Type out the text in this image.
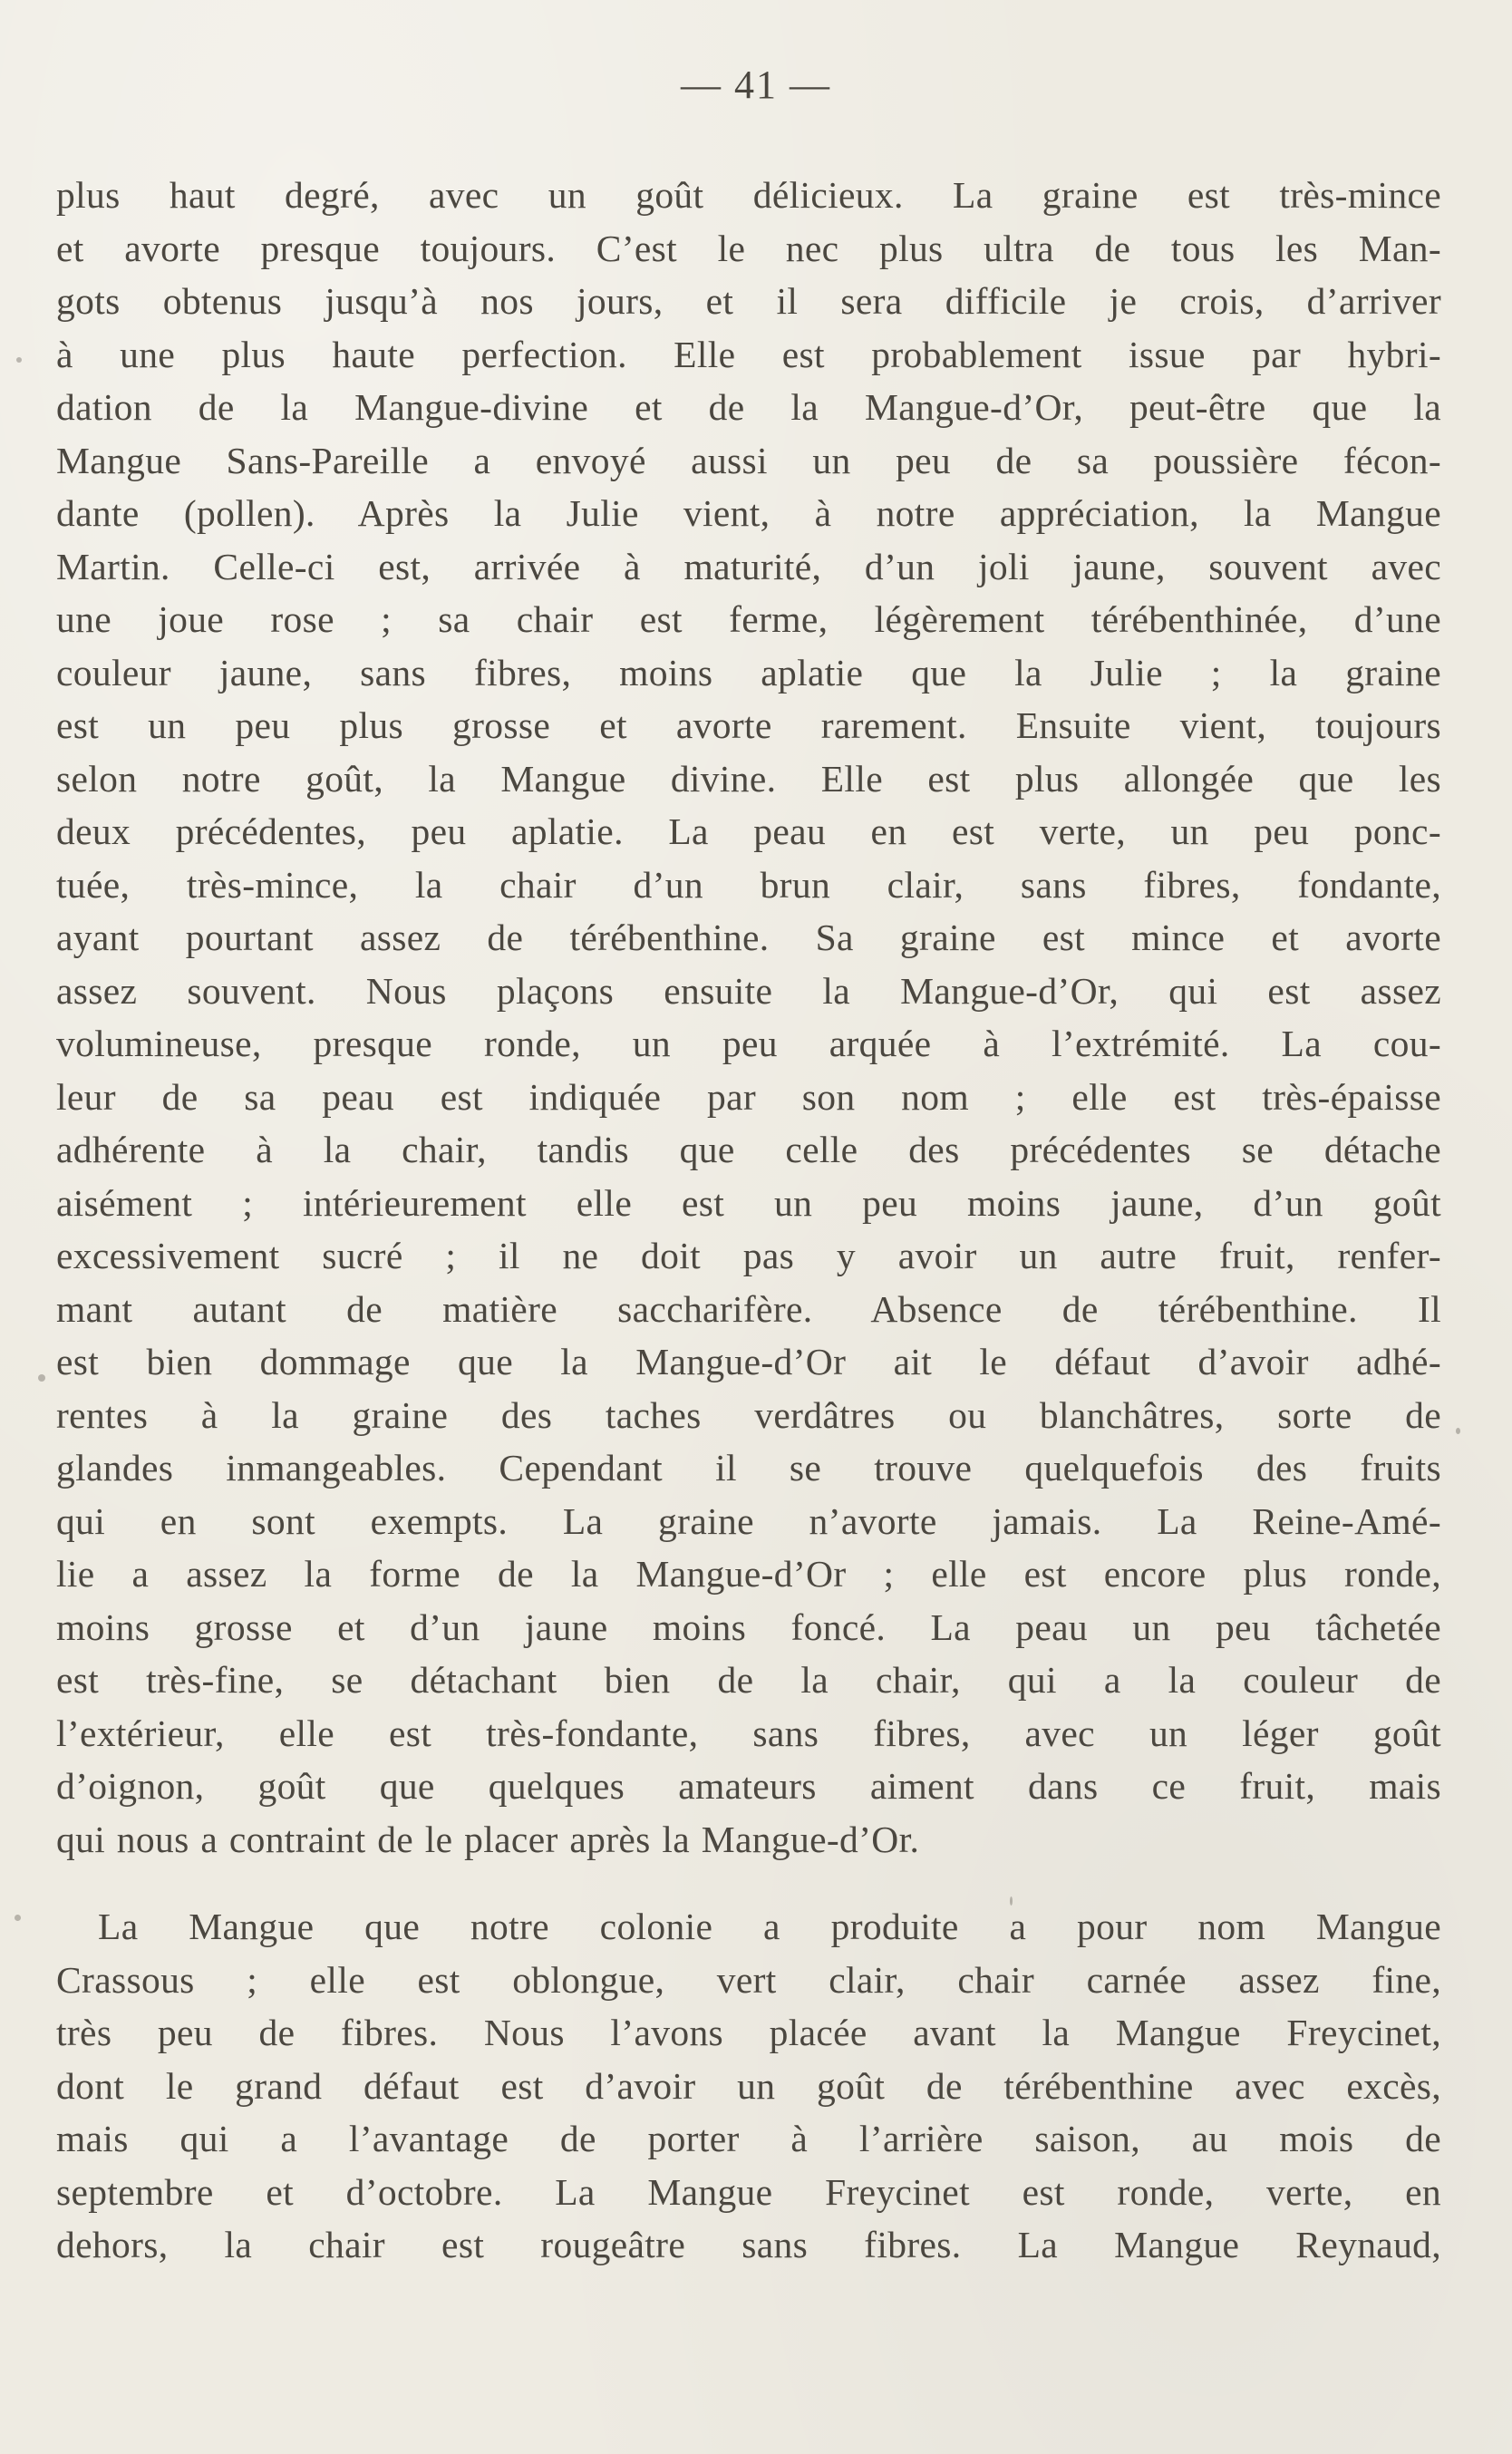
— 41 —
plus haut degré, avec un goût délicieux. La graine est très-mince
et avorte presque toujours. C’est le nec plus ultra de tous les Man-
gots obtenus jusqu’à nos jours, et il sera difficile je crois, d’arriver
à une plus haute perfection. Elle est probablement issue par hybri-
dation de la Mangue-divine et de la Mangue-d’Or, peut-être que la
Mangue Sans-Pareille a envoyé aussi un peu de sa poussière fécon-
dante (pollen). Après la Julie vient, à notre appréciation, la Mangue
Martin. Celle-ci est, arrivée à maturité, d’un joli jaune, souvent avec
une joue rose ; sa chair est ferme, légèrement térébenthinée, d’une
couleur jaune, sans fibres, moins aplatie que la Julie ; la graine
est un peu plus grosse et avorte rarement. Ensuite vient, toujours
selon notre goût, la Mangue divine. Elle est plus allongée que les
deux précédentes, peu aplatie. La peau en est verte, un peu ponc-
tuée, très-mince, la chair d’un brun clair, sans fibres, fondante,
ayant pourtant assez de térébenthine. Sa graine est mince et avorte
assez souvent. Nous plaçons ensuite la Mangue-d’Or, qui est assez
volumineuse, presque ronde, un peu arquée à l’extrémité. La cou-
leur de sa peau est indiquée par son nom ; elle est très-épaisse
adhérente à la chair, tandis que celle des précédentes se détache
aisément ; intérieurement elle est un peu moins jaune, d’un goût
excessivement sucré ; il ne doit pas y avoir un autre fruit, renfer-
mant autant de matière saccharifère. Absence de térébenthine. Il
est bien dommage que la Mangue-d’Or ait le défaut d’avoir adhé-
rentes à la graine des taches verdâtres ou blanchâtres, sorte de
glandes inmangeables. Cependant il se trouve quelquefois des fruits
qui en sont exempts. La graine n’avorte jamais. La Reine-Amé-
lie a assez la forme de la Mangue-d’Or ; elle est encore plus ronde,
moins grosse et d’un jaune moins foncé. La peau un peu tâchetée
est très-fine, se détachant bien de la chair, qui a la couleur de
l’extérieur, elle est très-fondante, sans fibres, avec un léger goût
d’oignon, goût que quelques amateurs aiment dans ce fruit, mais
qui nous a contraint de le placer après la Mangue-d’Or.
La Mangue que notre colonie a produite a pour nom Mangue
Crassous ; elle est oblongue, vert clair, chair carnée assez fine,
très peu de fibres. Nous l’avons placée avant la Mangue Freycinet,
dont le grand défaut est d’avoir un goût de térébenthine avec excès,
mais qui a l’avantage de porter à l’arrière saison, au mois de
septembre et d’octobre. La Mangue Freycinet est ronde, verte, en
dehors, la chair est rougeâtre sans fibres. La Mangue Reynaud,
